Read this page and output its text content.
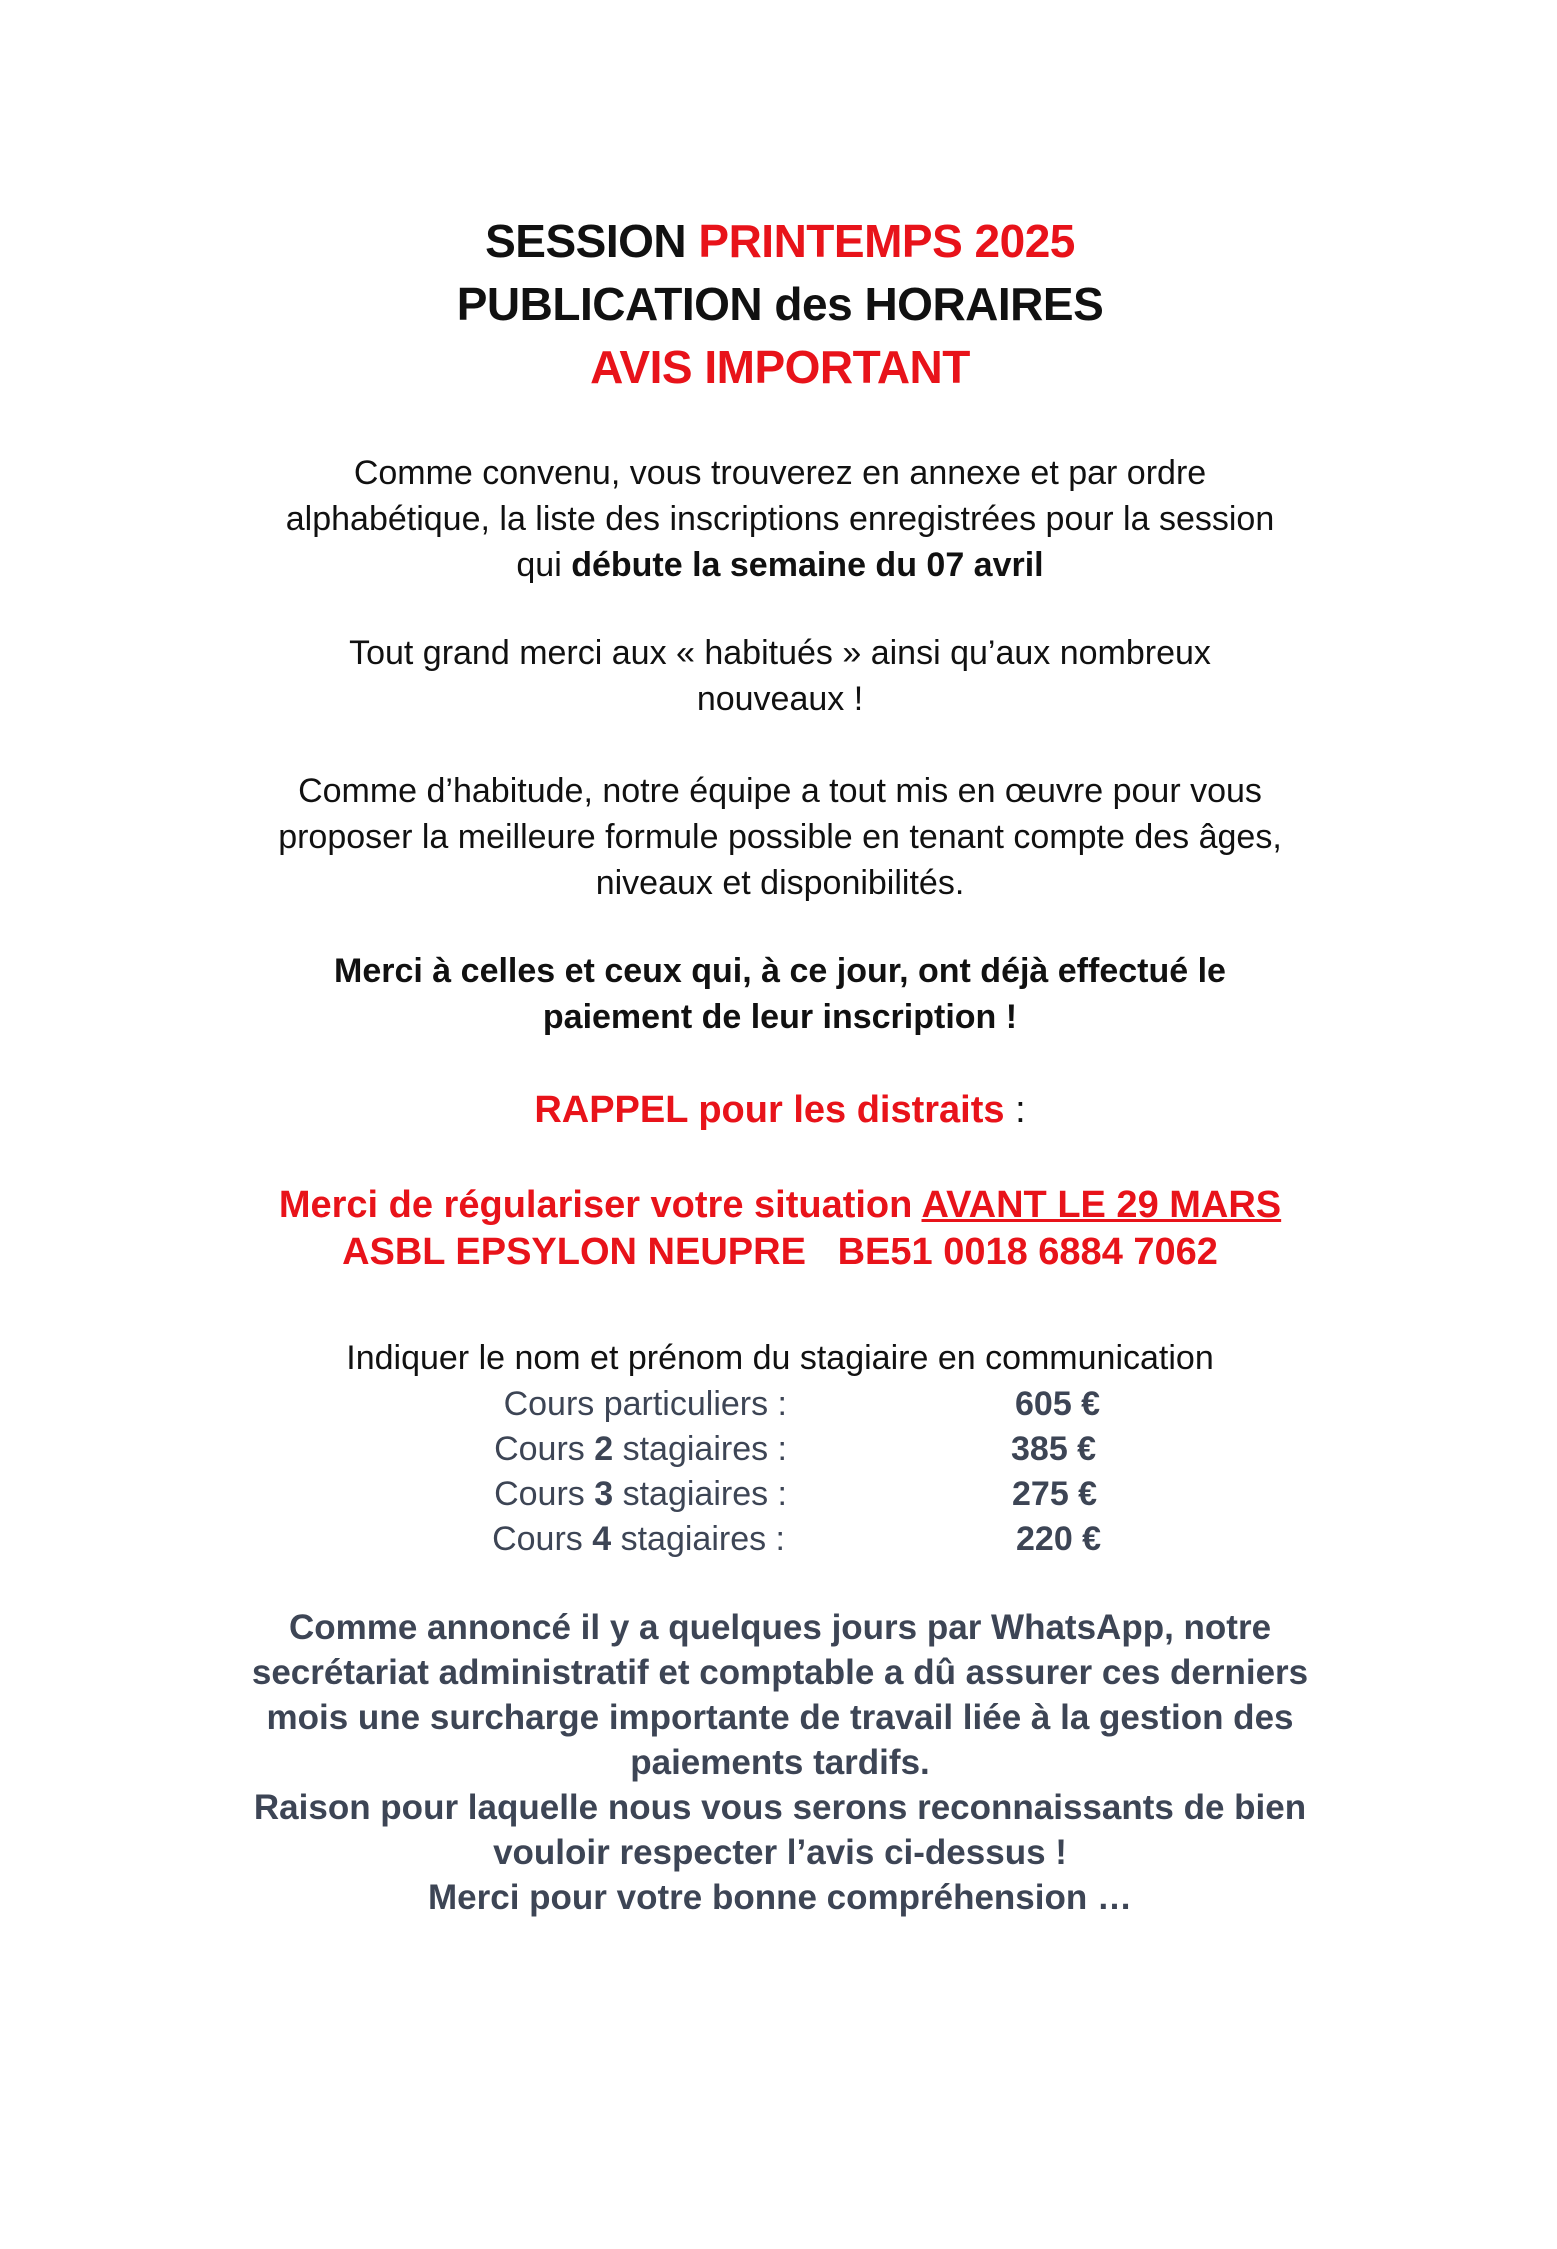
SESSION PRINTEMPS 2025
PUBLICATION des HORAIRES
AVIS IMPORTANT
Comme convenu, vous trouverez en annexe et par ordre
alphabétique, la liste des inscriptions enregistrées pour la session
qui débute la semaine du 07 avril
Tout grand merci aux « habitués » ainsi qu’aux nombreux
nouveaux !
Comme d’habitude, notre équipe a tout mis en œuvre pour vous
proposer la meilleure formule possible en tenant compte des âges,
niveaux et disponibilités.
Merci à celles et ceux qui, à ce jour, ont déjà effectué le
paiement de leur inscription !
RAPPEL pour les distraits :
Merci de régulariser votre situation AVANT LE 29 MARS
ASBL EPSYLON NEUPRE   BE51 0018 6884 7062
Indiquer le nom et prénom du stagiaire en communication
Cours particuliers :	605 €
Cours 2 stagiaires :	385 €
Cours 3 stagiaires :	275 €
Cours 4 stagiaires :	220 €
Comme annoncé il y a quelques jours par WhatsApp, notre
secrétariat administratif et comptable a dû assurer ces derniers
mois une surcharge importante de travail liée à la gestion des
paiements tardifs.
Raison pour laquelle nous vous serons reconnaissants de bien
vouloir respecter l’avis ci-dessus !
Merci pour votre bonne compréhension …
